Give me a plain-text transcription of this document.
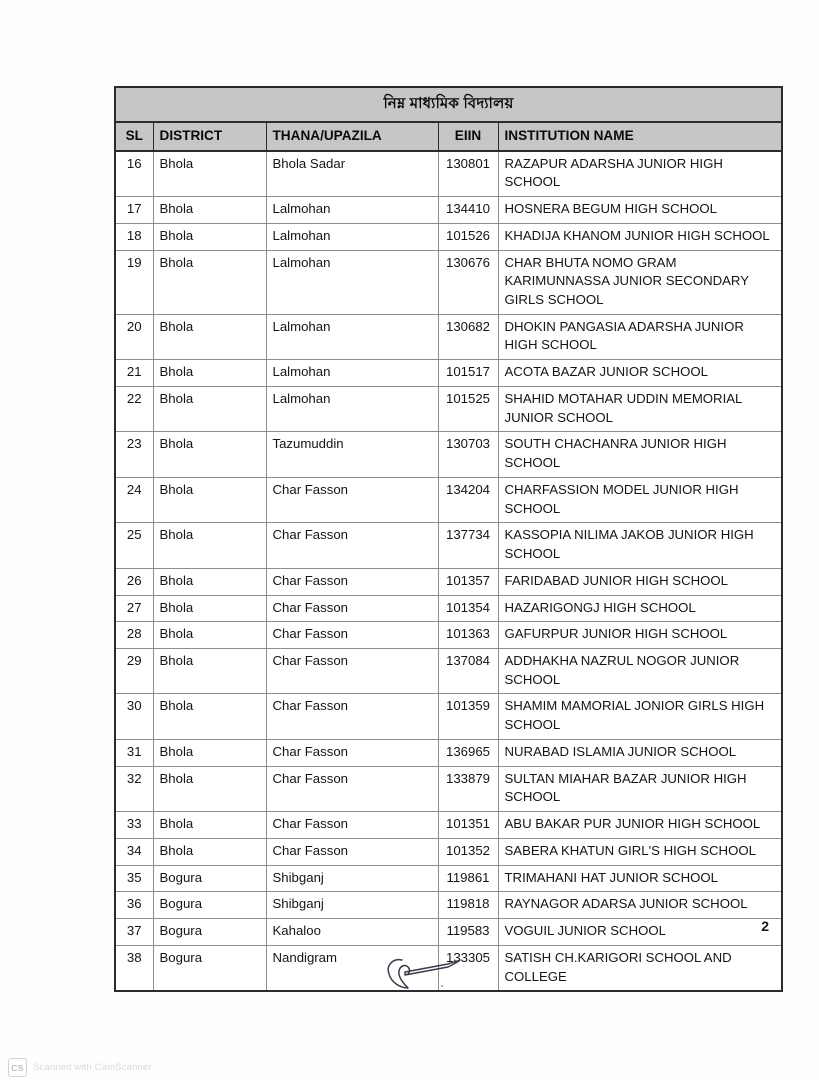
নিম্ন মাধ্যমিক বিদ্যালয়				
SL	DISTRICT	THANA/UPAZILA	EIIN	INSTITUTION NAME
16	Bhola	Bhola Sadar	130801	RAZAPUR ADARSHA JUNIOR HIGH SCHOOL
17	Bhola	Lalmohan	134410	HOSNERA BEGUM HIGH SCHOOL
18	Bhola	Lalmohan	101526	KHADIJA KHANOM JUNIOR HIGH SCHOOL
19	Bhola	Lalmohan	130676	CHAR BHUTA NOMO GRAM KARIMUNNASSA JUNIOR SECONDARY GIRLS SCHOOL
20	Bhola	Lalmohan	130682	DHOKIN PANGASIA ADARSHA JUNIOR HIGH SCHOOL
21	Bhola	Lalmohan	101517	ACOTA BAZAR JUNIOR SCHOOL
22	Bhola	Lalmohan	101525	SHAHID MOTAHAR UDDIN MEMORIAL JUNIOR SCHOOL
23	Bhola	Tazumuddin	130703	SOUTH CHACHANRA JUNIOR HIGH SCHOOL
24	Bhola	Char Fasson	134204	CHARFASSION MODEL JUNIOR HIGH SCHOOL
25	Bhola	Char Fasson	137734	KASSOPIA NILIMA JAKOB JUNIOR HIGH SCHOOL
26	Bhola	Char Fasson	101357	FARIDABAD JUNIOR HIGH SCHOOL
27	Bhola	Char Fasson	101354	HAZARIGONGJ HIGH SCHOOL
28	Bhola	Char Fasson	101363	GAFURPUR JUNIOR HIGH SCHOOL
29	Bhola	Char Fasson	137084	ADDHAKHA NAZRUL NOGOR JUNIOR SCHOOL
30	Bhola	Char Fasson	101359	SHAMIM MAMORIAL JONIOR GIRLS HIGH SCHOOL
31	Bhola	Char Fasson	136965	NURABAD ISLAMIA JUNIOR SCHOOL
32	Bhola	Char Fasson	133879	SULTAN MIAHAR BAZAR JUNIOR HIGH SCHOOL
33	Bhola	Char Fasson	101351	ABU BAKAR PUR JUNIOR HIGH SCHOOL
34	Bhola	Char Fasson	101352	SABERA KHATUN GIRL'S HIGH SCHOOL
35	Bogura	Shibganj	119861	TRIMAHANI HAT JUNIOR SCHOOL
36	Bogura	Shibganj	119818	RAYNAGOR ADARSA JUNIOR SCHOOL
37	Bogura	Kahaloo	119583	VOGUIL JUNIOR SCHOOL
38	Bogura	Nandigram	133305	SATISH CH.KARIGORI SCHOOL AND COLLEGE
2
CS Scanned with CamScanner
